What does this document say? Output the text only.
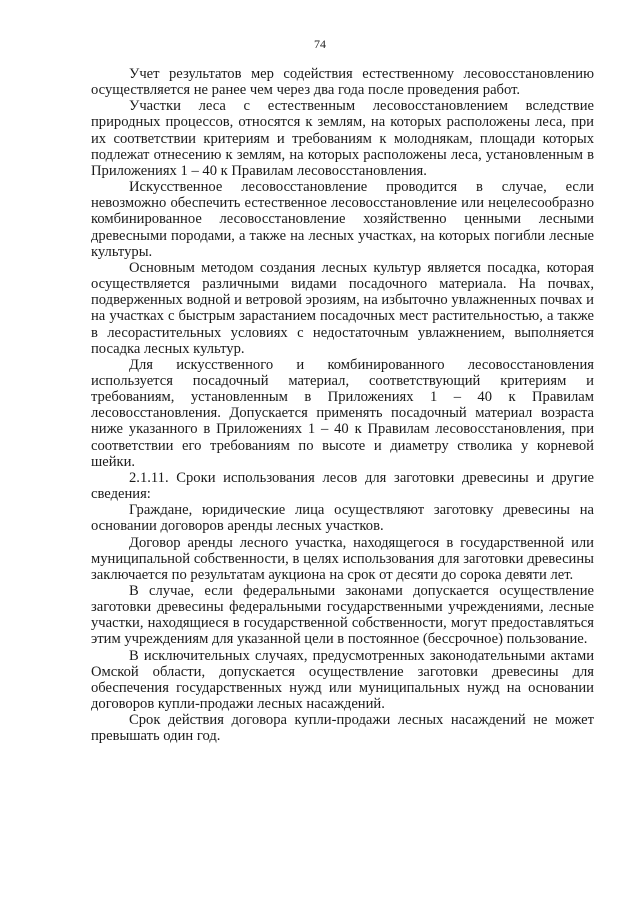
74

Учет результатов мер содействия естественному лесовосстановлению осуществляется не ранее чем через два года после проведения работ.

Участки леса с естественным лесовосстановлением вследствие природных процессов, относятся к землям, на которых расположены леса, при их соответствии критериям и требованиям к молоднякам, площади которых подлежат отнесению к землям, на которых расположены леса, установленным в Приложениях 1 – 40 к Правилам лесовосстановления.

Искусственное лесовосстановление проводится в случае, если невозможно обеспечить естественное лесовосстановление или нецелесообразно комбинированное лесовосстановление хозяйственно ценными лесными древесными породами, а также на лесных участках, на которых погибли лесные культуры.

Основным методом создания лесных культур является посадка, которая осуществляется различными видами посадочного материала. На почвах, подверженных водной и ветровой эрозиям, на избыточно увлажненных почвах и на участках с быстрым зарастанием посадочных мест растительностью, а также в лесорастительных условиях с недостаточным увлажнением, выполняется посадка лесных культур.

Для искусственного и комбинированного лесовосстановления используется посадочный материал, соответствующий критериям и требованиям, установленным в Приложениях 1 – 40 к Правилам лесовосстановления. Допускается применять посадочный материал возраста ниже указанного в Приложениях 1 – 40 к Правилам лесовосстановления, при соответствии его требованиям по высоте и диаметру стволика у корневой шейки.

2.1.11. Сроки использования лесов для заготовки древесины и другие сведения:

Граждане, юридические лица осуществляют заготовку древесины на основании договоров аренды лесных участков.

Договор аренды лесного участка, находящегося в государственной или муниципальной собственности, в целях использования для заготовки древесины заключается по результатам аукциона на срок от десяти до сорока девяти лет.

В случае, если федеральными законами допускается осуществление заготовки древесины федеральными государственными учреждениями, лесные участки, находящиеся в государственной собственности, могут предоставляться этим учреждениям для указанной цели в постоянное (бессрочное) пользование.

В исключительных случаях, предусмотренных законодательными актами Омской области, допускается осуществление заготовки древесины для обеспечения государственных нужд или муниципальных нужд на основании договоров купли-продажи лесных насаждений.

Срок действия договора купли-продажи лесных насаждений не может превышать один год.
